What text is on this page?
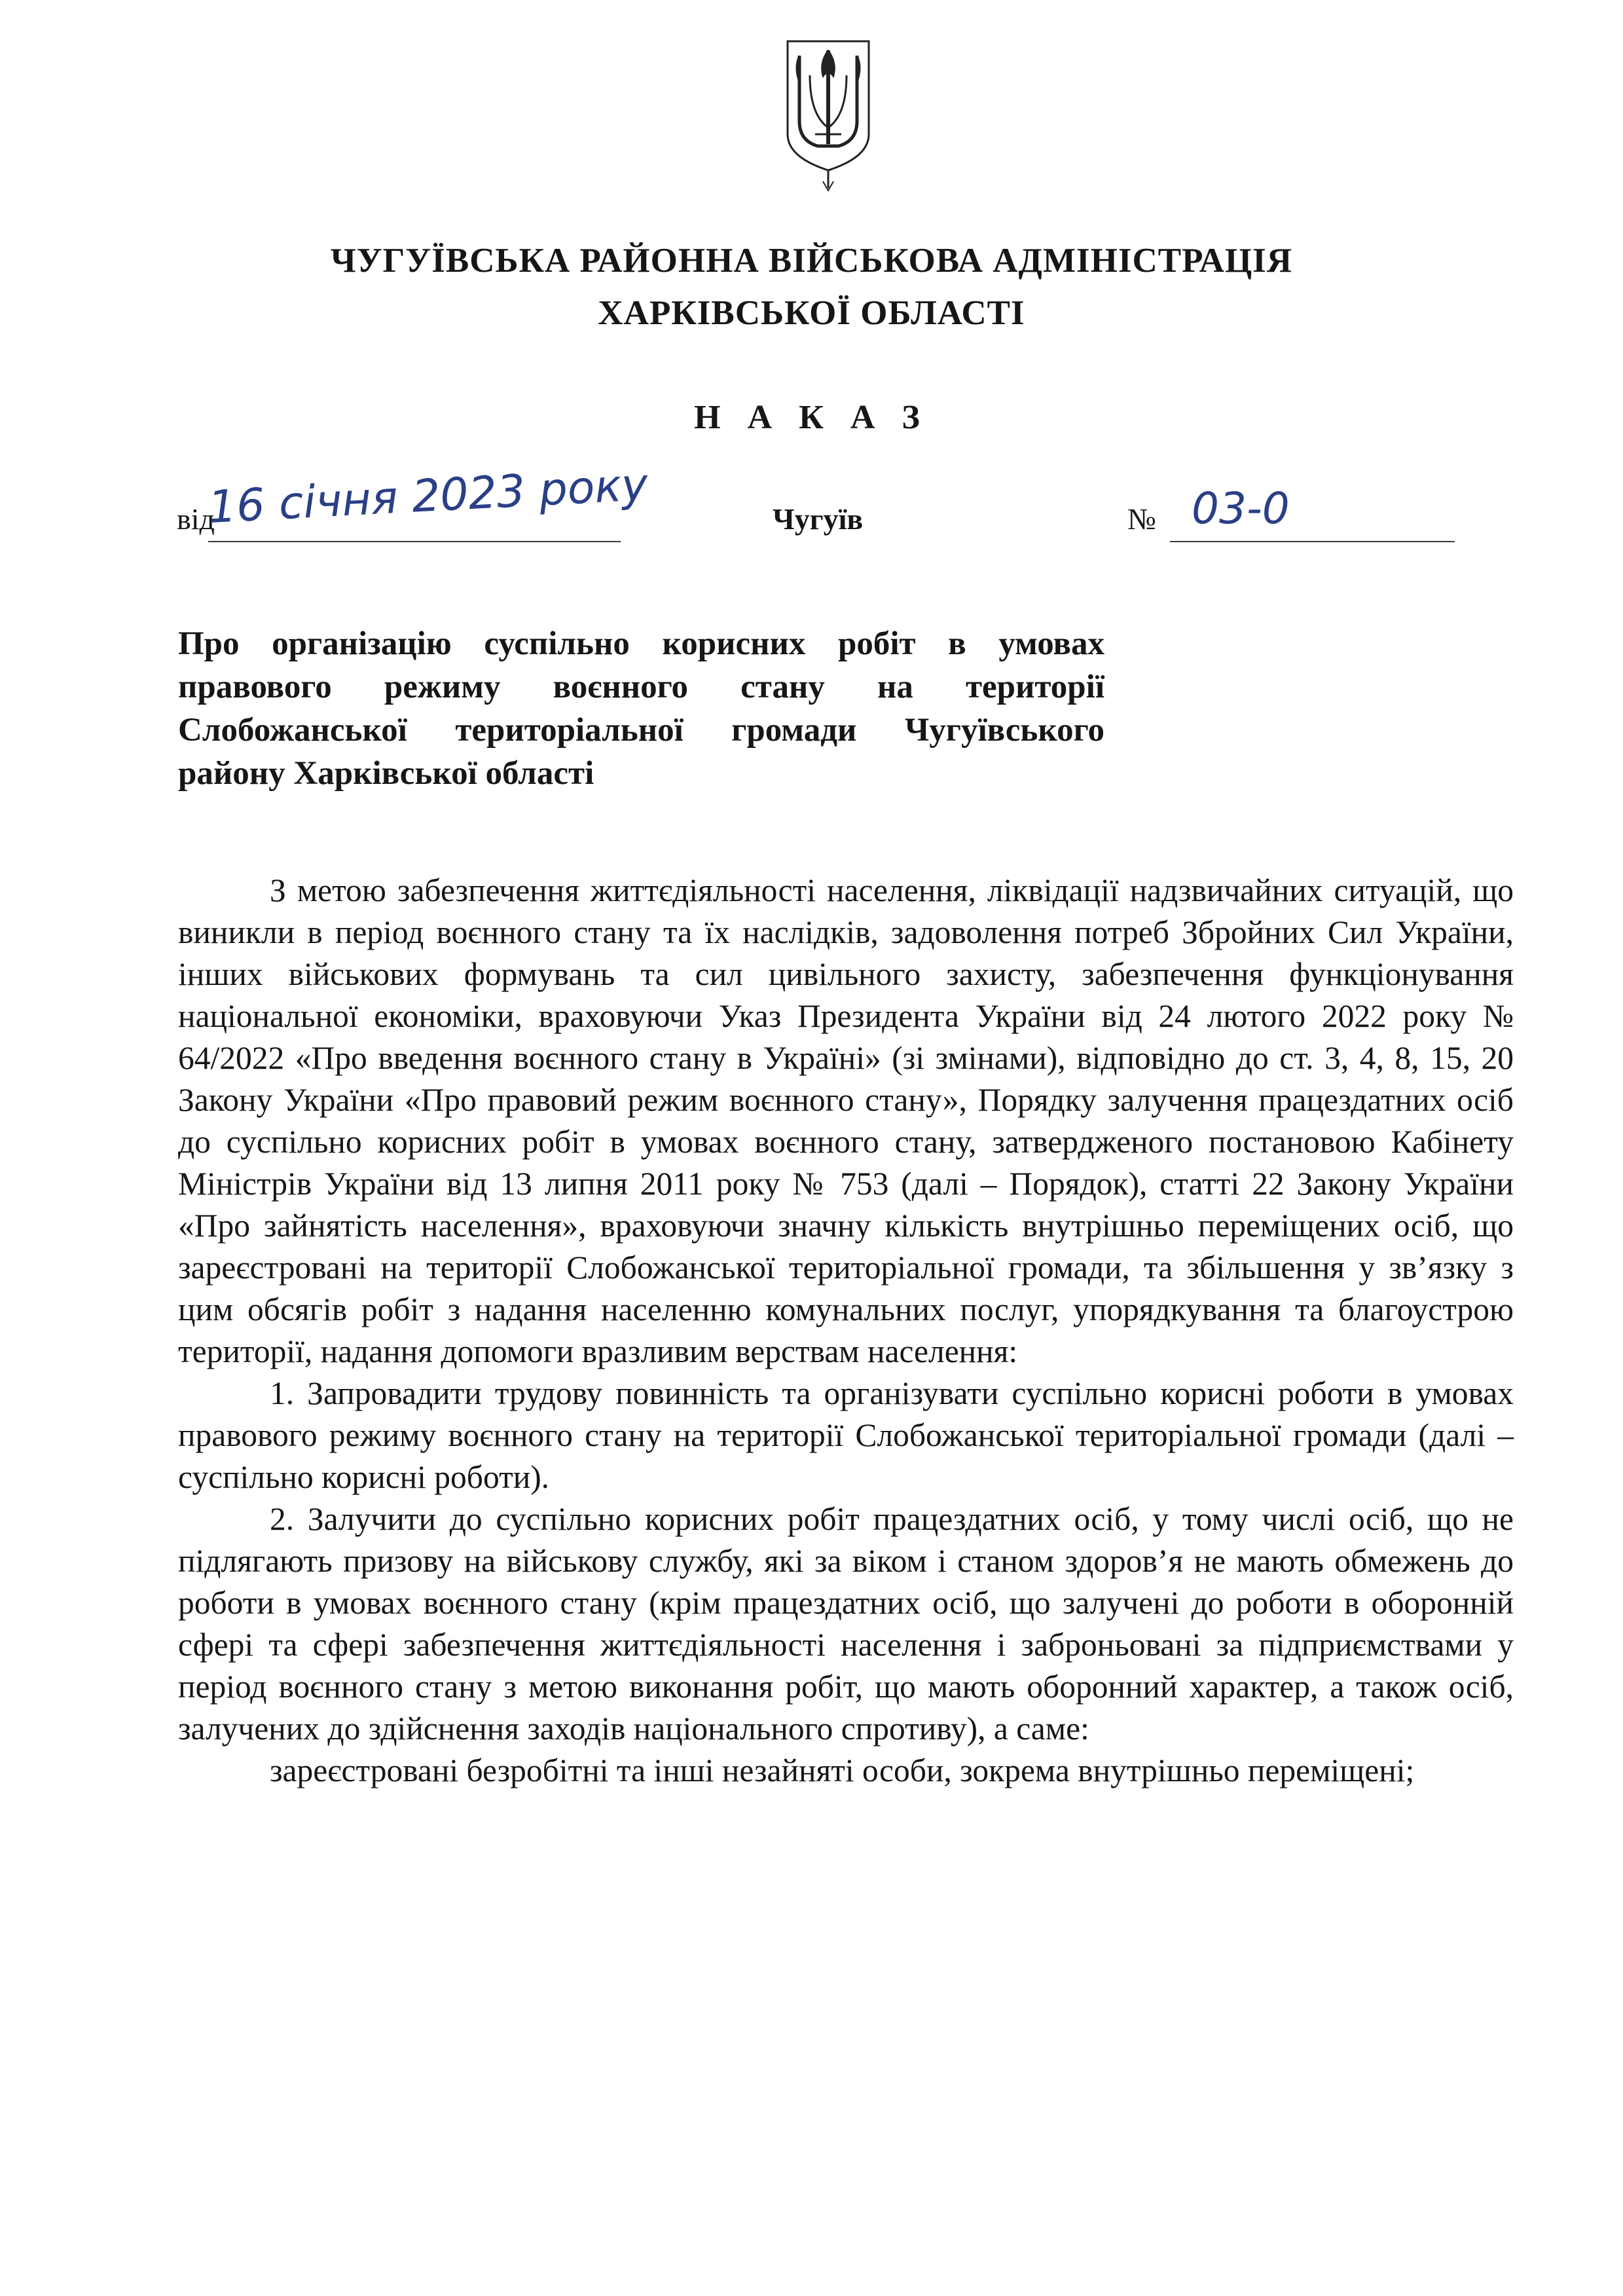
ЧУГУЇВСЬКА РАЙОННА ВІЙСЬКОВА АДМІНІСТРАЦІЯ
ХАРКІВСЬКОЇ ОБЛАСТІ
Н А К А З
від
16 січня 2023 року	Чугуїв	№ 03-0
Про організацію суспільно корисних робіт в умовах
правового режиму воєнного стану на території
Слобожанської територіальної громади Чугуївського
району Харківської області

З метою забезпечення життєдіяльності населення, ліквідації надзвичайних ситуацій, що виникли в період воєнного стану та їх наслідків, задоволення потреб Збройних Сил України, інших військових формувань та сил цивільного захисту, забезпечення функціонування національної економіки, враховуючи Указ Президента України від 24 лютого 2022 року № 64/2022 «Про введення воєнного стану в Україні» (зі змінами), відповідно до ст. 3, 4, 8, 15, 20 Закону України «Про правовий режим воєнного стану», Порядку залучення працездатних осіб до суспільно корисних робіт в умовах воєнного стану, затвердженого постановою Кабінету Міністрів України від 13 липня 2011 року № 753 (далі – Порядок), статті 22 Закону України «Про зайнятість населення», враховуючи значну кількість внутрішньо переміщених осіб, що зареєстровані на території Слобожанської територіальної громади, та збільшення у зв’язку з цим обсягів робіт з надання населенню комунальних послуг, упорядкування та благоустрою території, надання допомоги вразливим верствам населення:

1. Запровадити трудову повинність та організувати суспільно корисні роботи в умовах правового режиму воєнного стану на території Слобожанської територіальної громади (далі – суспільно корисні роботи).

2. Залучити до суспільно корисних робіт працездатних осіб, у тому числі осіб, що не підлягають призову на військову службу, які за віком і станом здоров’я не мають обмежень до роботи в умовах воєнного стану (крім працездатних осіб, що залучені до роботи в оборонній сфері та сфері забезпечення життєдіяльності населення і заброньовані за підприємствами у період воєнного стану з метою виконання робіт, що мають оборонний характер, а також осіб, залучених до здійснення заходів національного спротиву), а саме:

зареєстровані безробітні та інші незайняті особи, зокрема внутрішньо переміщені;
